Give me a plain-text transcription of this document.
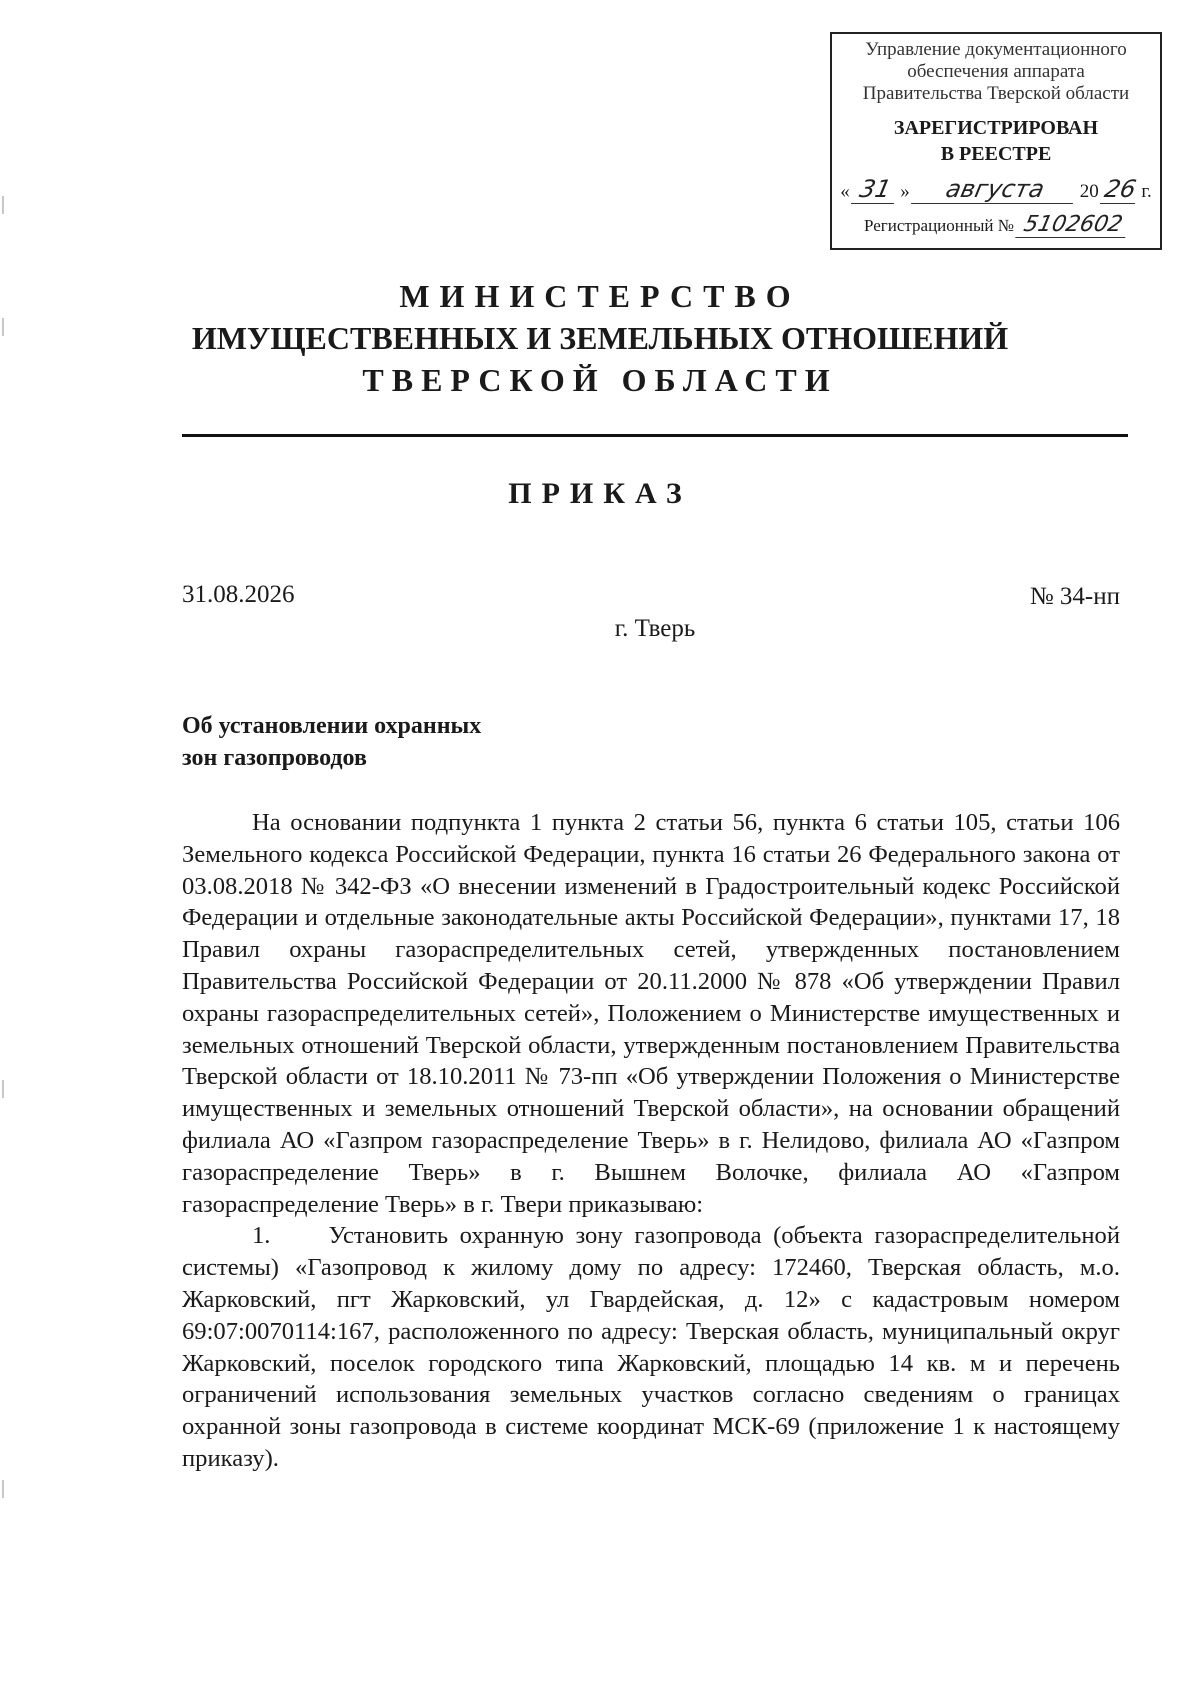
Управление документационного
обеспечения аппарата
Правительства Тверской области
ЗАРЕГИСТРИРОВАН
В РЕЕСТРЕ
« 31 »	августа	20 26 г.
Регистрационный № 5102602
МИНИСТЕРСТВО
ИМУЩЕСТВЕННЫХ И ЗЕМЕЛЬНЫХ ОТНОШЕНИЙ
ТВЕРСКОЙ ОБЛАСТИ
ПРИКАЗ
31.08.2026	№ 34-нп
г. Тверь
Об установлении охранных
зон газопроводов

На основании подпункта 1 пункта 2 статьи 56, пункта 6 статьи 105, статьи 106 Земельного кодекса Российской Федерации, пункта 16 статьи 26 Федерального закона от 03.08.2018 № 342-ФЗ «О внесении изменений в Градостроительный кодекс Российской Федерации и отдельные законодательные акты Российской Федерации», пунктами 17, 18 Правил охраны газораспределительных сетей, утвержденных постановлением Правительства Российской Федерации от 20.11.2000 № 878 «Об утверждении Правил охраны газораспределительных сетей», Положением о Министерстве имущественных и земельных отношений Тверской области, утвержденным постановлением Правительства Тверской области от 18.10.2011 № 73-пп «Об утверждении Положения о Министерстве имущественных и земельных отношений Тверской области», на основании обращений филиала АО «Газпром газораспределение Тверь» в г. Нелидово, филиала АО «Газпром газораспределение Тверь» в г. Вышнем Волочке, филиала АО «Газпром газораспределение Тверь» в г. Твери приказываю:

1.     Установить охранную зону газопровода (объекта газораспределительной системы) «Газопровод к жилому дому по адресу: 172460, Тверская область, м.о. Жарковский, пгт Жарковский, ул Гвардейская, д. 12» с кадастровым номером 69:07:0070114:167, расположенного по адресу: Тверская область, муниципальный округ Жарковский, поселок городского типа Жарковский, площадью 14 кв. м и перечень ограничений использования земельных участков согласно сведениям о границах охранной зоны газопровода в системе координат МСК-69 (приложение 1 к настоящему приказу).
